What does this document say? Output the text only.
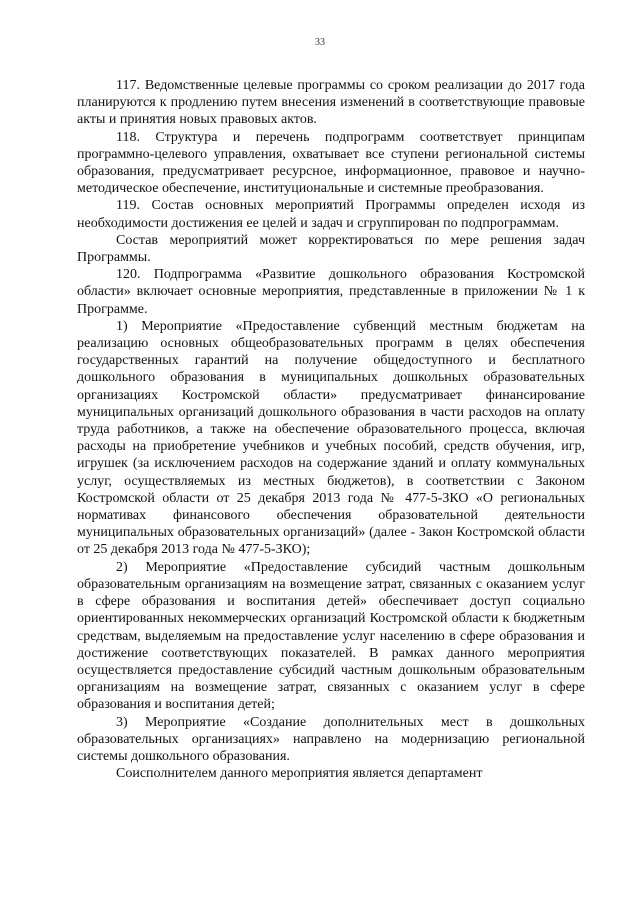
33

117. Ведомственные целевые программы со сроком реализации до 2017 года планируются к продлению путем внесения изменений в соответствующие правовые акты и принятия новых правовых актов.

118. Структура и перечень подпрограмм соответствует принципам программно-целевого управления, охватывает все ступени региональной системы образования, предусматривает ресурсное, информационное, правовое и научно-методическое обеспечение, институциональные и системные преобразования.

119. Состав основных мероприятий Программы определен исходя из необходимости достижения ее целей и задач и сгруппирован по подпрограммам.

Состав мероприятий может корректироваться по мере решения задач Программы.

120. Подпрограмма «Развитие дошкольного образования Костромской области» включает основные мероприятия, представленные в приложении № 1 к Программе.

1) Мероприятие «Предоставление субвенций местным бюджетам на реализацию основных общеобразовательных программ в целях обеспечения государственных гарантий на получение общедоступного и бесплатного дошкольного образования в муниципальных дошкольных образовательных организациях Костромской области» предусматривает финансирование муниципальных организаций дошкольного образования в части расходов на оплату труда работников, а также на обеспечение образовательного процесса, включая расходы на приобретение учебников и учебных пособий, средств обучения, игр, игрушек (за исключением расходов на содержание зданий и оплату коммунальных услуг, осуществляемых из местных бюджетов), в соответствии с Законом Костромской области от 25 декабря 2013 года № 477-5-ЗКО «О региональных нормативах финансового обеспечения образовательной деятельности муниципальных образовательных организаций» (далее - Закон Костромской области от 25 декабря 2013 года № 477-5-ЗКО);

2) Мероприятие «Предоставление субсидий частным дошкольным образовательным организациям на возмещение затрат, связанных с оказанием услуг в сфере образования и воспитания детей» обеспечивает доступ социально ориентированных некоммерческих организаций Костромской области к бюджетным средствам, выделяемым на предоставление услуг населению в сфере образования и достижение соответствующих показателей. В рамках данного мероприятия осуществляется предоставление субсидий частным дошкольным образовательным организациям на возмещение затрат, связанных с оказанием услуг в сфере образования и воспитания детей;

3) Мероприятие «Создание дополнительных мест в дошкольных образовательных организациях» направлено на модернизацию региональной системы дошкольного образования.

Соисполнителем данного мероприятия является департамент
